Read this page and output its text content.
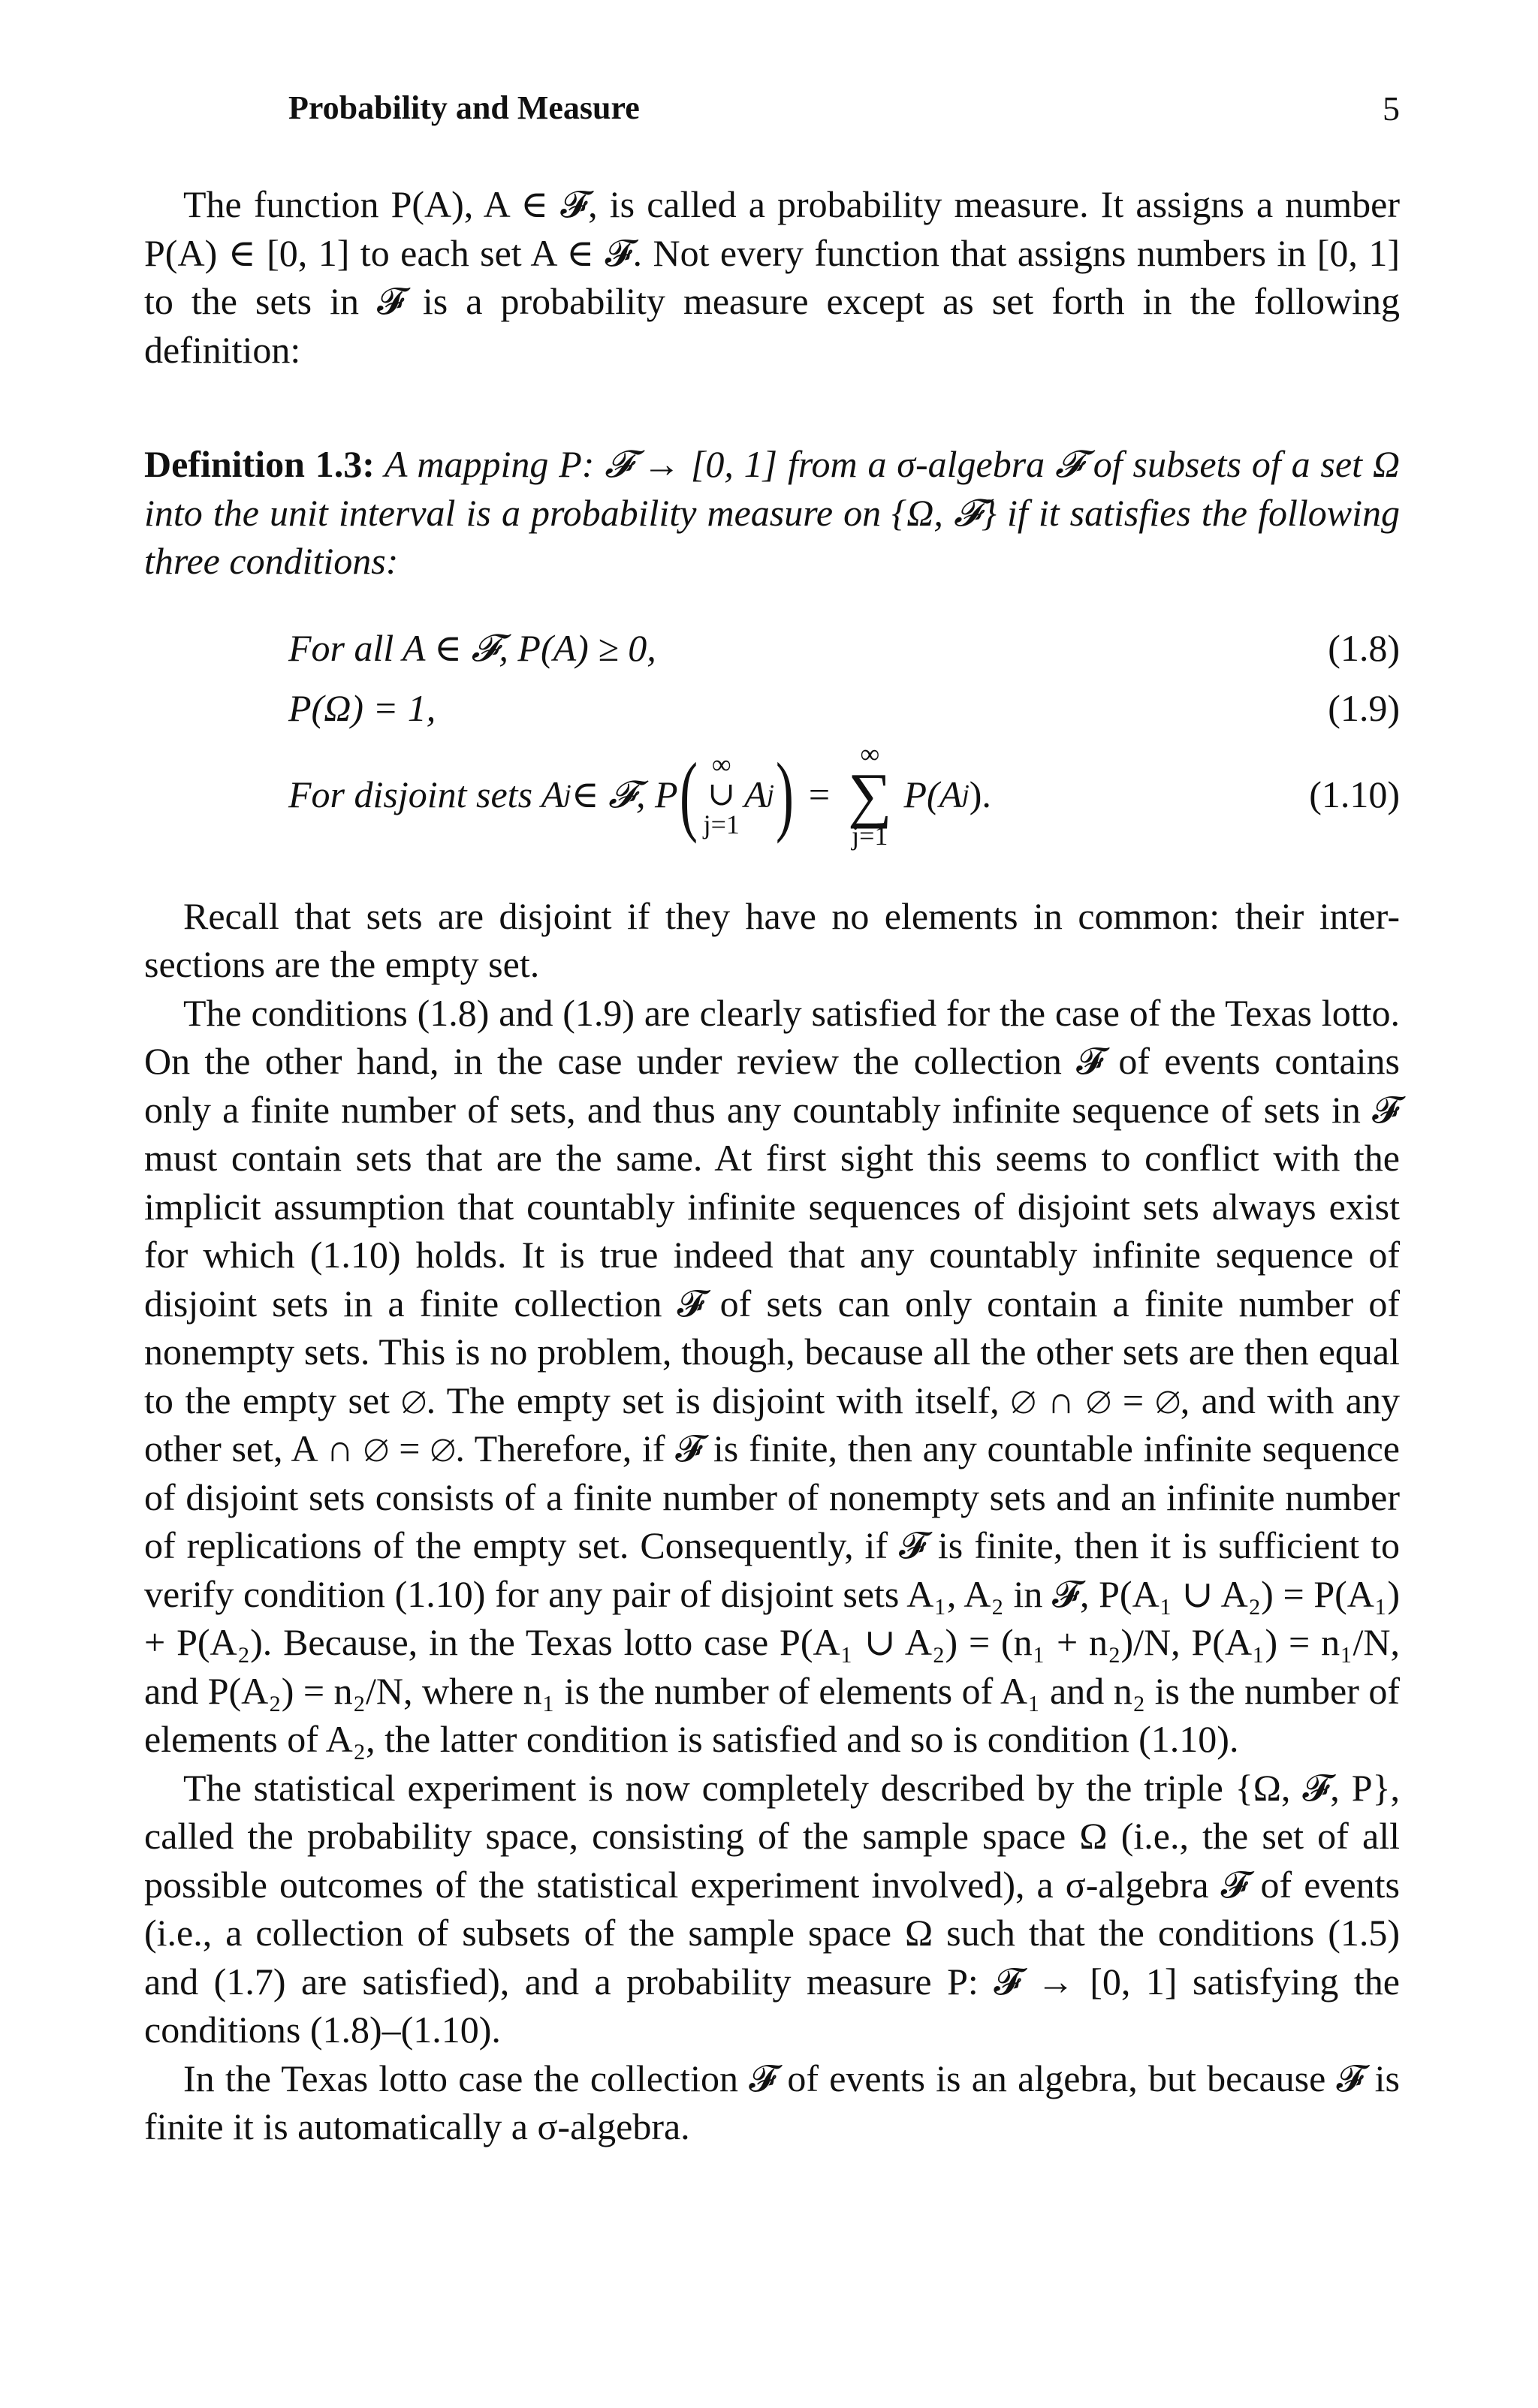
Probability and Measure	5

The function P(A), A ∈ 𝓕, is called a probability measure. It assigns a number P(A) ∈ [0, 1] to each set A ∈ 𝓕. Not every function that assigns numbers in [0, 1] to the sets in 𝓕 is a probability measure except as set forth in the following definition:

Definition 1.3: A mapping P: 𝓕 → [0, 1] from a σ-algebra 𝓕 of subsets of a set Ω into the unit interval is a probability measure on {Ω, 𝓕} if it satisfies the following three conditions:

For all A ∈ 𝓕, P(A) ≥ 0,	(1.8)
P(Ω) = 1,	(1.9)
For disjoint sets A j ∈ 𝓕, P ( ∞
∪
j=1
A j ) =
∞
∑
j=1
P(A j ).	(1.10)

Recall that sets are disjoint if they have no elements in common: their inter-sections are the empty set.

The conditions (1.8) and (1.9) are clearly satisfied for the case of the Texas lotto. On the other hand, in the case under review the collection 𝓕 of events contains only a finite number of sets, and thus any countably infinite sequence of sets in 𝓕 must contain sets that are the same. At first sight this seems to conflict with the implicit assumption that countably infinite sequences of disjoint sets always exist for which (1.10) holds. It is true indeed that any countably infinite sequence of disjoint sets in a finite collection 𝓕 of sets can only contain a finite number of nonempty sets. This is no problem, though, because all the other sets are then equal to the empty set ∅. The empty set is disjoint with itself, ∅ ∩ ∅ = ∅, and with any other set, A ∩ ∅ = ∅. Therefore, if 𝓕 is finite, then any countable infinite sequence of disjoint sets consists of a finite number of nonempty sets and an infinite number of replications of the empty set. Consequently, if 𝓕 is finite, then it is sufficient to verify condition (1.10) for any pair of disjoint sets A₁, A₂ in 𝓕, P(A₁ ∪ A₂) = P(A₁) + P(A₂). Because, in the Texas lotto case P(A₁ ∪ A₂) = (n₁ + n₂)/N, P(A₁) = n₁/N, and P(A₂) = n₂/N, where n₁ is the number of elements of A₁ and n₂ is the number of elements of A₂, the latter condition is satisfied and so is condition (1.10).

The statistical experiment is now completely described by the triple {Ω, 𝓕, P}, called the probability space, consisting of the sample space Ω (i.e., the set of all possible outcomes of the statistical experiment involved), a σ-algebra 𝓕 of events (i.e., a collection of subsets of the sample space Ω such that the conditions (1.5) and (1.7) are satisfied), and a probability measure P: 𝓕 → [0, 1] satisfying the conditions (1.8)–(1.10).

In the Texas lotto case the collection 𝓕 of events is an algebra, but because 𝓕 is finite it is automatically a σ-algebra.
